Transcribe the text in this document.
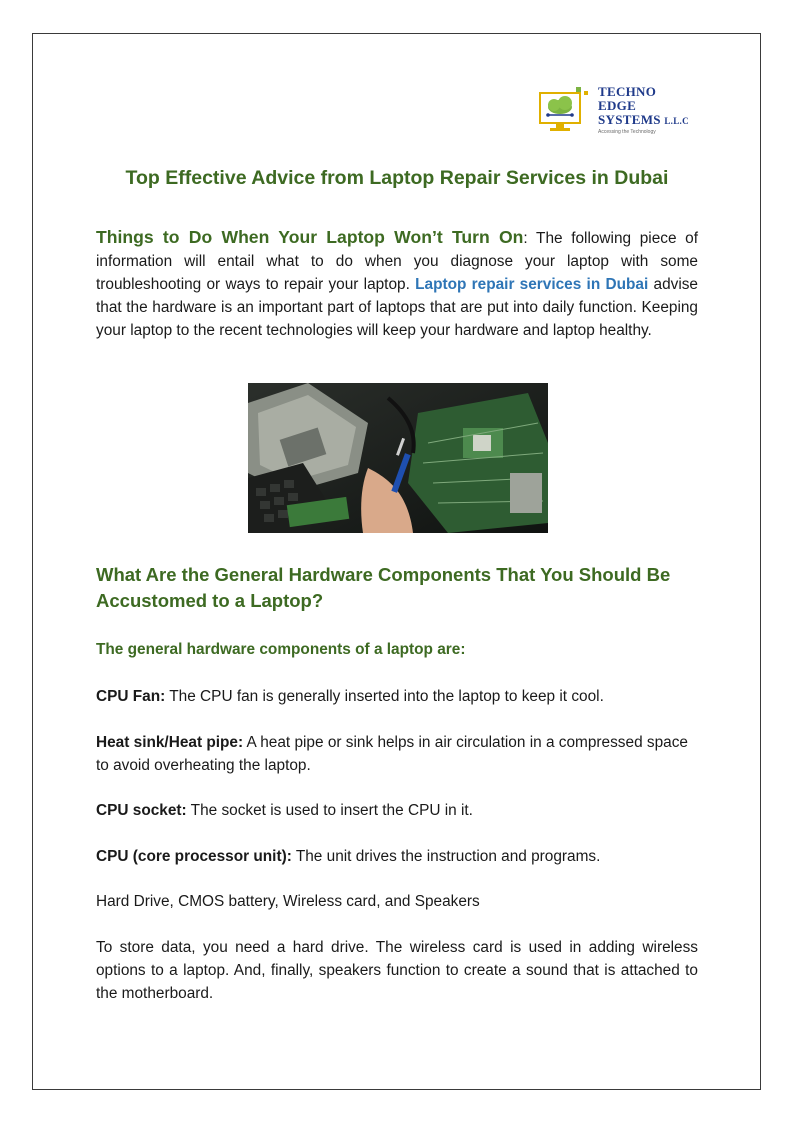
TECHNO
EDGE
SYSTEMS L.L.C
Accessing the Technology
Top Effective Advice from Laptop Repair Services in Dubai

Things to Do When Your Laptop Won’t Turn On: The following piece of information will entail what to do when you diagnose your laptop with some troubleshooting or ways to repair your laptop. Laptop repair services in Dubai advise that the hardware is an important part of laptops that are put into daily function. Keeping your laptop to the recent technologies will keep your hardware and laptop healthy.

What Are the General Hardware Components That You Should Be Accustomed to a Laptop?
The general hardware components of a laptop are:

CPU Fan: The CPU fan is generally inserted into the laptop to keep it cool.

Heat sink/Heat pipe: A heat pipe or sink helps in air circulation in a compressed space to avoid overheating the laptop.

CPU socket: The socket is used to insert the CPU in it.

CPU (core processor unit): The unit drives the instruction and programs.

Hard Drive, CMOS battery, Wireless card, and Speakers

To store data, you need a hard drive. The wireless card is used in adding wireless options to a laptop. And, finally, speakers function to create a sound that is attached to the motherboard.
